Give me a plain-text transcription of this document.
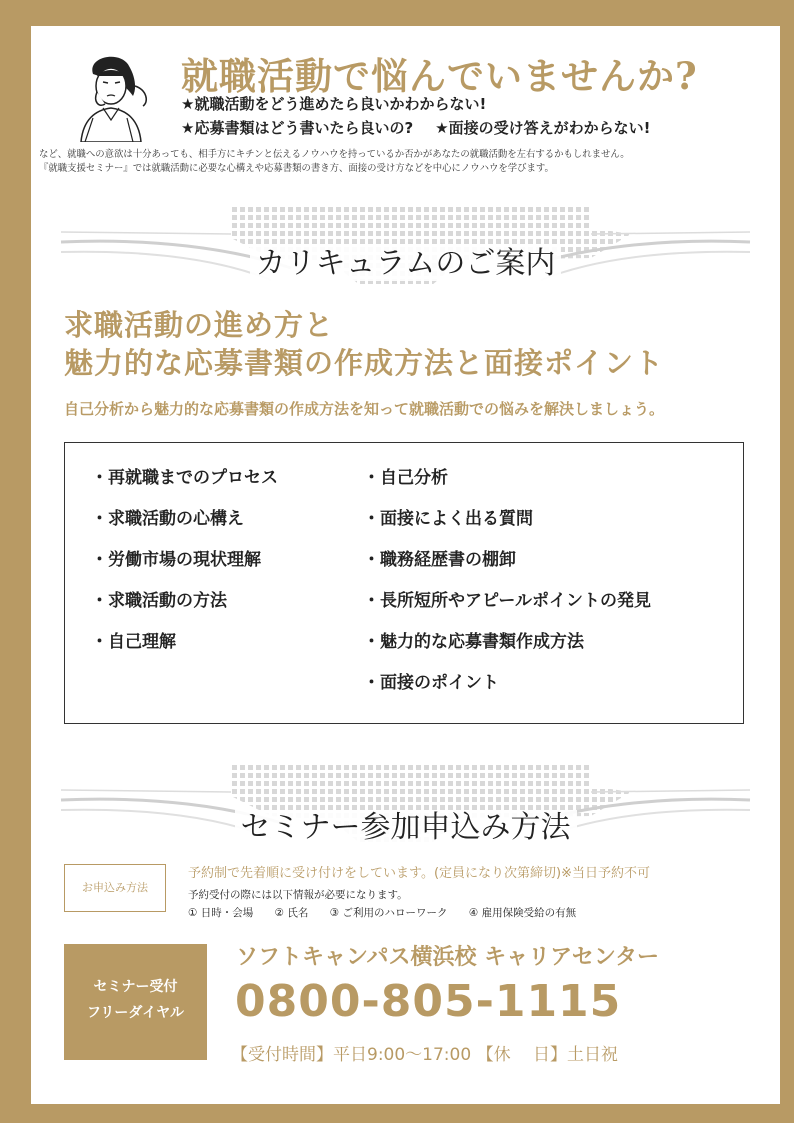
就職活動で悩んでいませんか?
★就職活動をどう進めたら良いかわからない!
★応募書類はどう書いたら良いの? ★面接の受け答えがわからない!
など、就職への意欲は十分あっても、相手方にキチンと伝えるノウハウを持っているか否かがあなたの就職活動を左右するかもしれません。
『就職支援セミナー』では就職活動に必要な心構えや応募書類の書き方、面接の受け方などを中心にノウハウを学びます。
カリキュラムのご案内
求職活動の進め方と
魅力的な応募書類の作成方法と面接ポイント
自己分析から魅力的な応募書類の作成方法を知って就職活動での悩みを解決しましょう。
・再就職までのプロセス
・求職活動の心構え
・労働市場の現状理解
・求職活動の方法
・自己理解
・自己分析
・面接によく出る質問
・職務経歴書の棚卸
・長所短所やアピールポイントの発見
・魅力的な応募書類作成方法
・面接のポイント
セミナー参加申込み方法
お申込み方法
予約制で先着順に受け付けをしています。(定員になり次第締切)※当日予約不可
予約受付の際には以下情報が必要になります。
① 日時・会場 ② 氏名 ③ ご利用のハローワーク ④ 雇用保険受給の有無
セミナー受付
フリーダイヤル
ソフトキャンパス横浜校 キャリアセンター
0800-805-1115
【受付時間】平日9:00〜17:00 【休　 日】土日祝
